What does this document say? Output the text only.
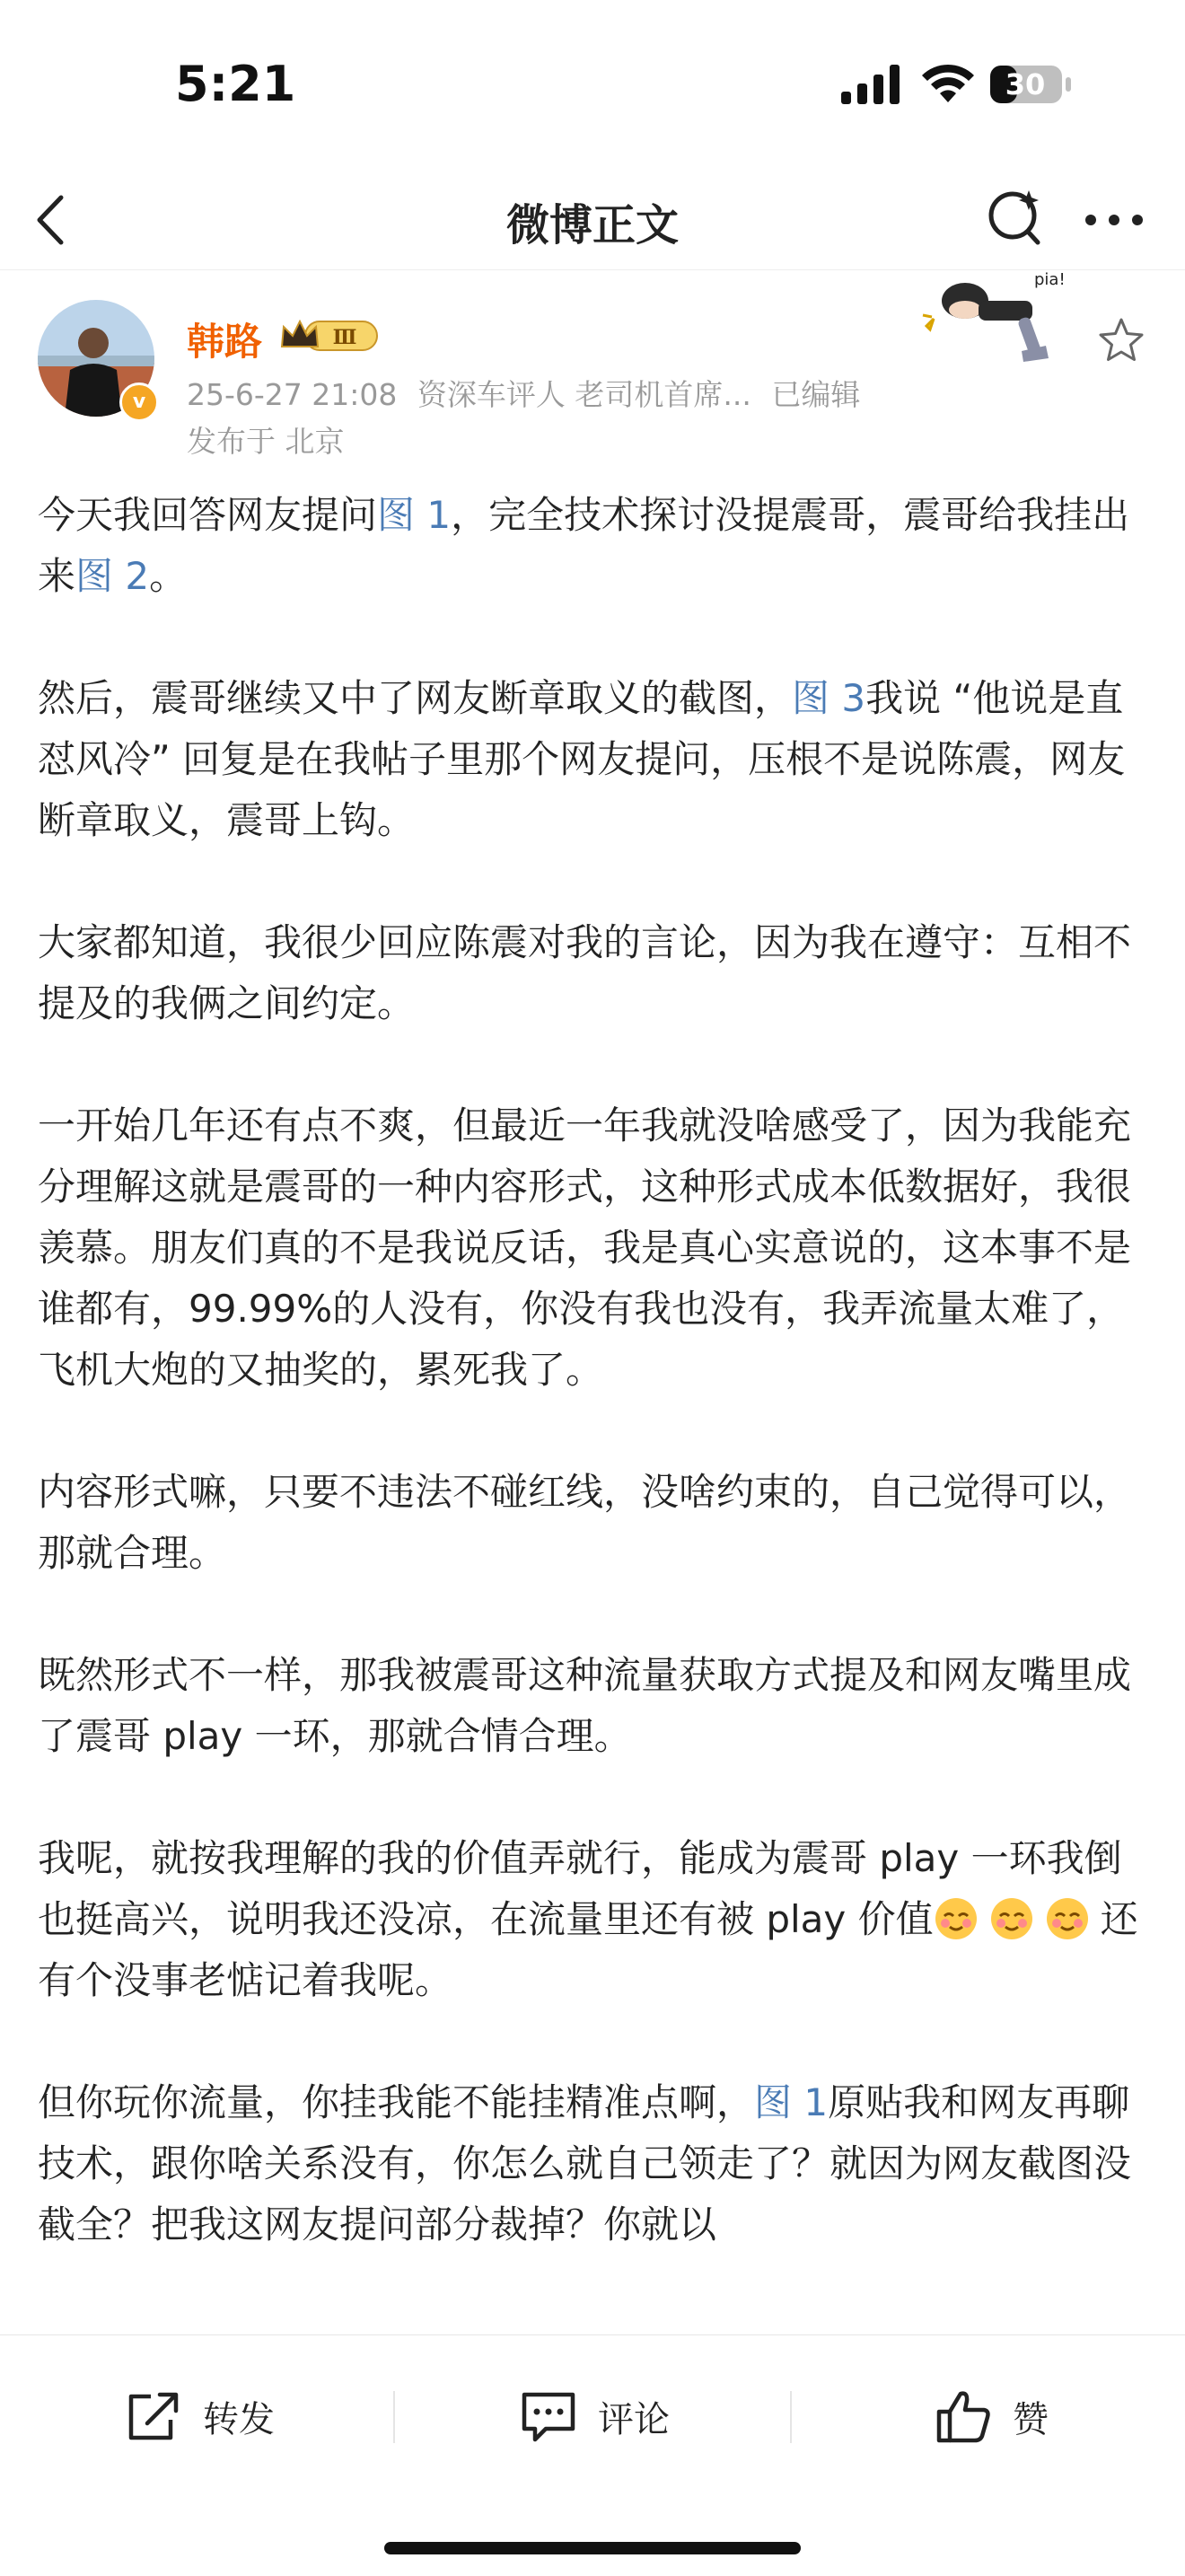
5:21	30
微博正文
v
韩路	Ⅲ
25-6-27 21:08 资深车评人 老司机首席... 已编辑
发布于 北京
pia!

今天我回答网友提问图 1，完全技术探讨没提震哥，震哥给我挂出来图 2。

然后，震哥继续又中了网友断章取义的截图，图 3我说 “他说是直怼风冷” 回复是在我帖子里那个网友提问，压根不是说陈震，网友断章取义，震哥上钩。

大家都知道，我很少回应陈震对我的言论，因为我在遵守：互相不提及的我俩之间约定。

一开始几年还有点不爽，但最近一年我就没啥感受了，因为我能充分理解这就是震哥的一种内容形式，这种形式成本低数据好，我很羡慕。朋友们真的不是我说反话，我是真心实意说的，这本事不是谁都有，99.99%的人没有，你没有我也没有，我弄流量太难了，飞机大炮的又抽奖的，累死我了。

内容形式嘛，只要不违法不碰红线，没啥约束的，自己觉得可以，那就合理。

既然形式不一样，那我被震哥这种流量获取方式提及和网友嘴里成了震哥 play 一环，那就合情合理。

我呢，就按我理解的我的价值弄就行，能成为震哥 play 一环我倒也挺高兴，说明我还没凉，在流量里还有被 play 价值	还有个没事老惦记着我呢。

但你玩你流量，你挂我能不能挂精准点啊，图 1原贴我和网友再聊技术，跟你啥关系没有，你怎么就自己领走了？就因为网友截图没截全？把我这网友提问部分裁掉？你就以

转发	评论	赞
